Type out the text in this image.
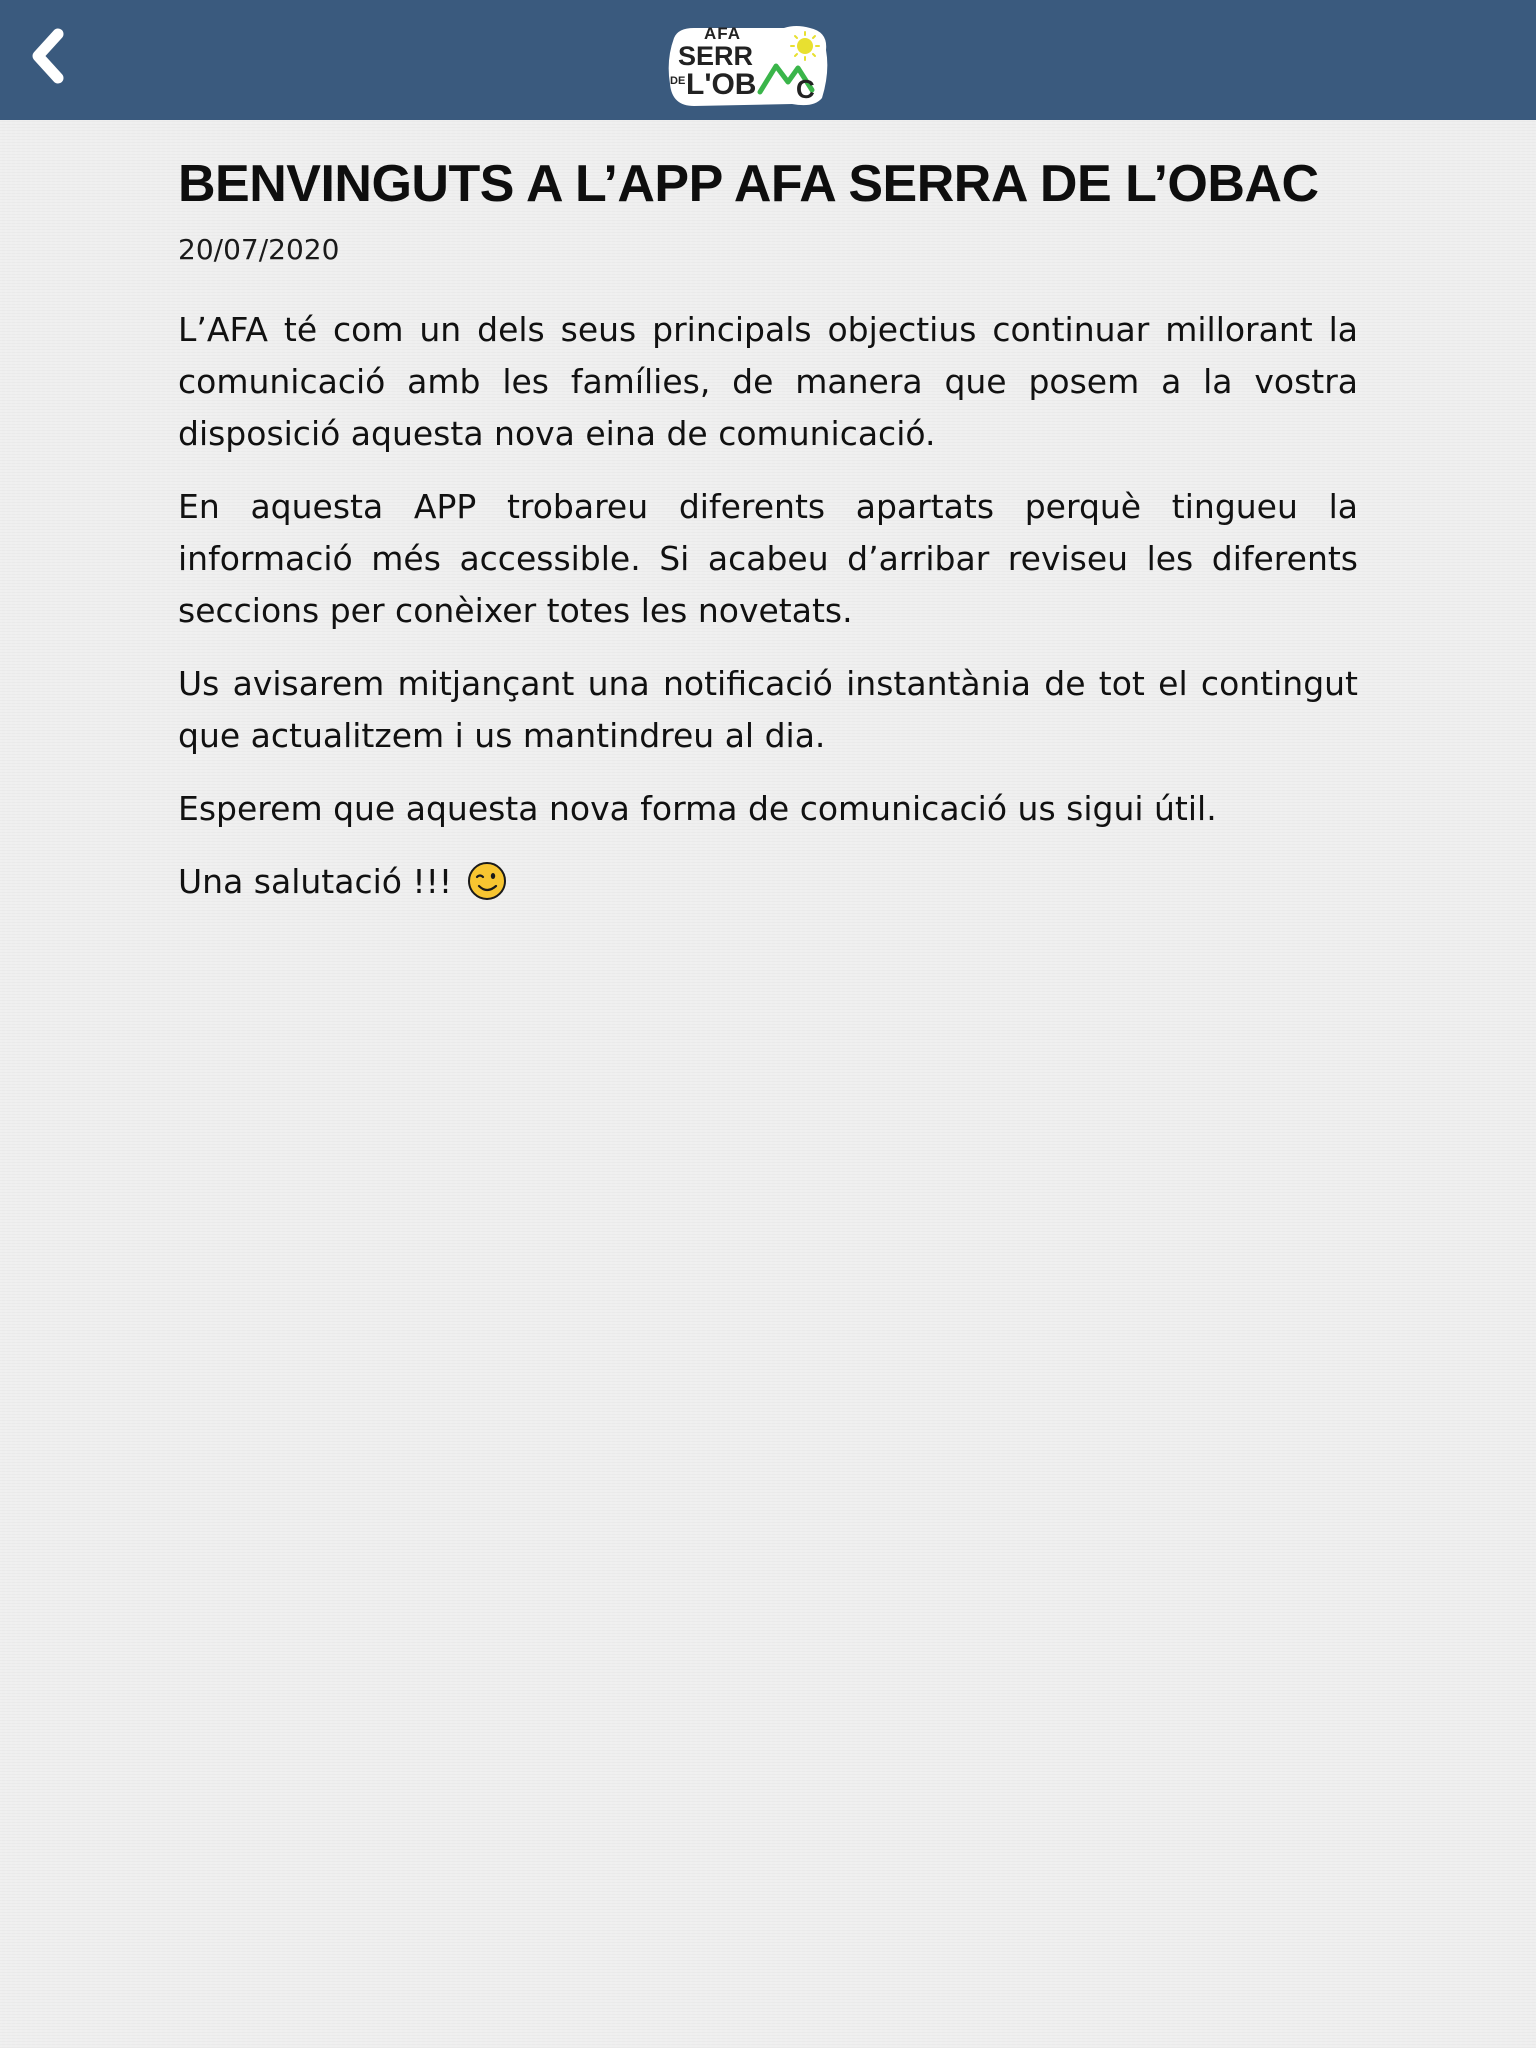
AFA
SERR
DE L'OB C
BENVINGUTS A L’APP AFA SERRA DE L’OBAC
20/07/2020

L’AFA té com un dels seus principals objectius continuar millorant la comunicació amb les famílies, de manera que posem a la vostra disposició aquesta nova eina de comunicació.

En aquesta APP trobareu diferents apartats perquè tingueu la informació més accessible. Si acabeu d’arribar reviseu les diferents seccions per conèixer totes les novetats.

Us avisarem mitjançant una notificació instantània de tot el contingut que actualitzem i us mantindreu al dia.

Esperem que aquesta nova forma de comunicació us sigui útil.

Una salutació !!!
